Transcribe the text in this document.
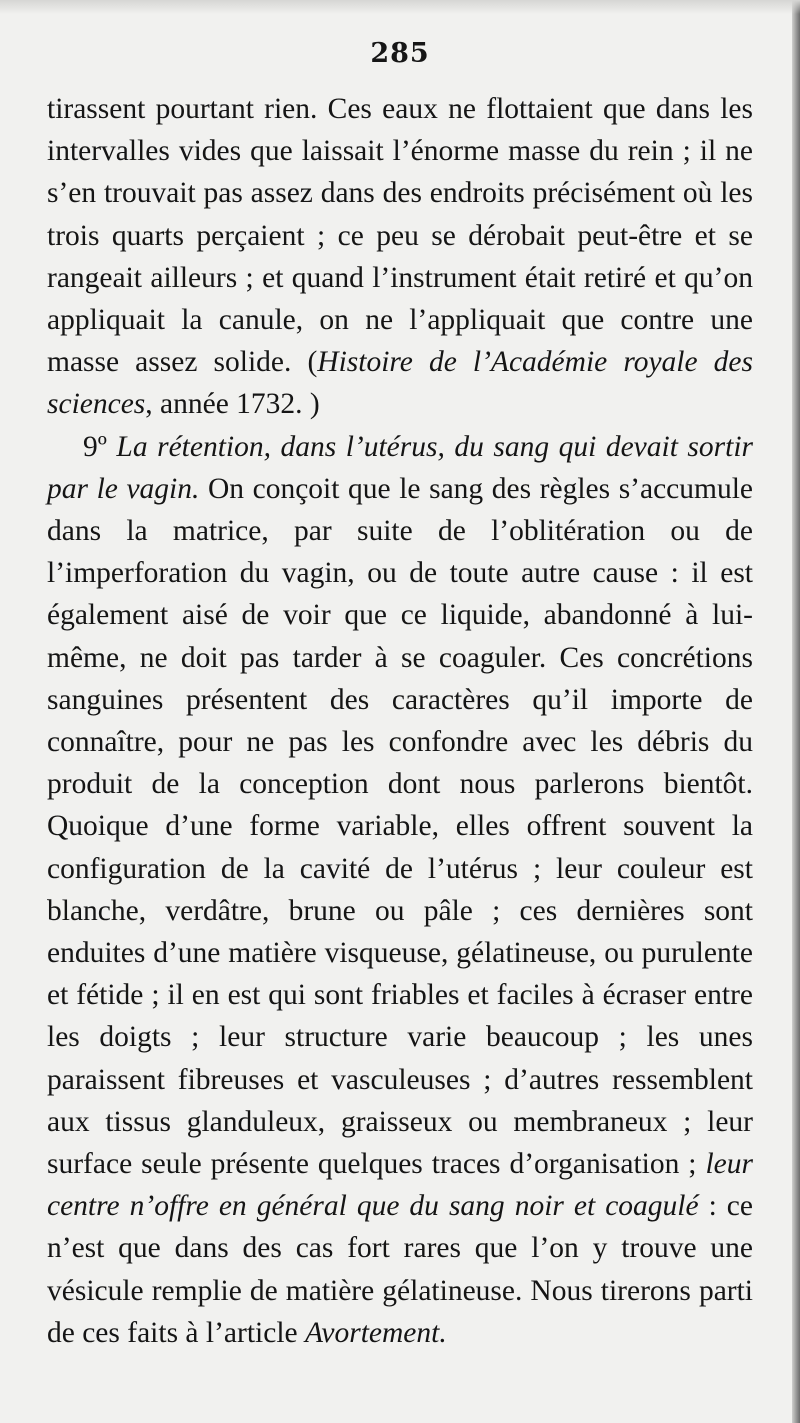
285

tirassent pourtant rien. Ces eaux ne flottaient que dans les intervalles vides que laissait l’énorme masse du rein ; il ne s’en trouvait pas assez dans des endroits précisément où les trois quarts perçaient ; ce peu se dérobait peut-être et se rangeait ailleurs ; et quand l’instrument était retiré et qu’on appliquait la canule, on ne l’appliquait que contre une masse assez solide. (Histoire de l’Académie royale des sciences, année 1732. )

9º La rétention, dans l’utérus, du sang qui devait sortir par le vagin. On conçoit que le sang des règles s’accumule dans la matrice, par suite de l’oblitération ou de l’imperforation du vagin, ou de toute autre cause : il est également aisé de voir que ce liquide, abandonné à lui-même, ne doit pas tarder à se coaguler. Ces concrétions sanguines présentent des caractères qu’il importe de connaître, pour ne pas les confondre avec les débris du produit de la conception dont nous parlerons bientôt. Quoique d’une forme variable, elles offrent souvent la configuration de la cavité de l’utérus ; leur couleur est blanche, verdâtre, brune ou pâle ; ces dernières sont enduites d’une matière visqueuse, gélatineuse, ou purulente et fétide ; il en est qui sont friables et faciles à écraser entre les doigts ; leur structure varie beaucoup ; les unes paraissent fibreuses et vasculeuses ; d’autres ressemblent aux tissus glanduleux, graisseux ou membraneux ; leur surface seule présente quelques traces d’organisation ; leur centre n’offre en général que du sang noir et coagulé : ce n’est que dans des cas fort rares que l’on y trouve une vésicule remplie de matière gélatineuse. Nous tirerons parti de ces faits à l’article Avortement.
